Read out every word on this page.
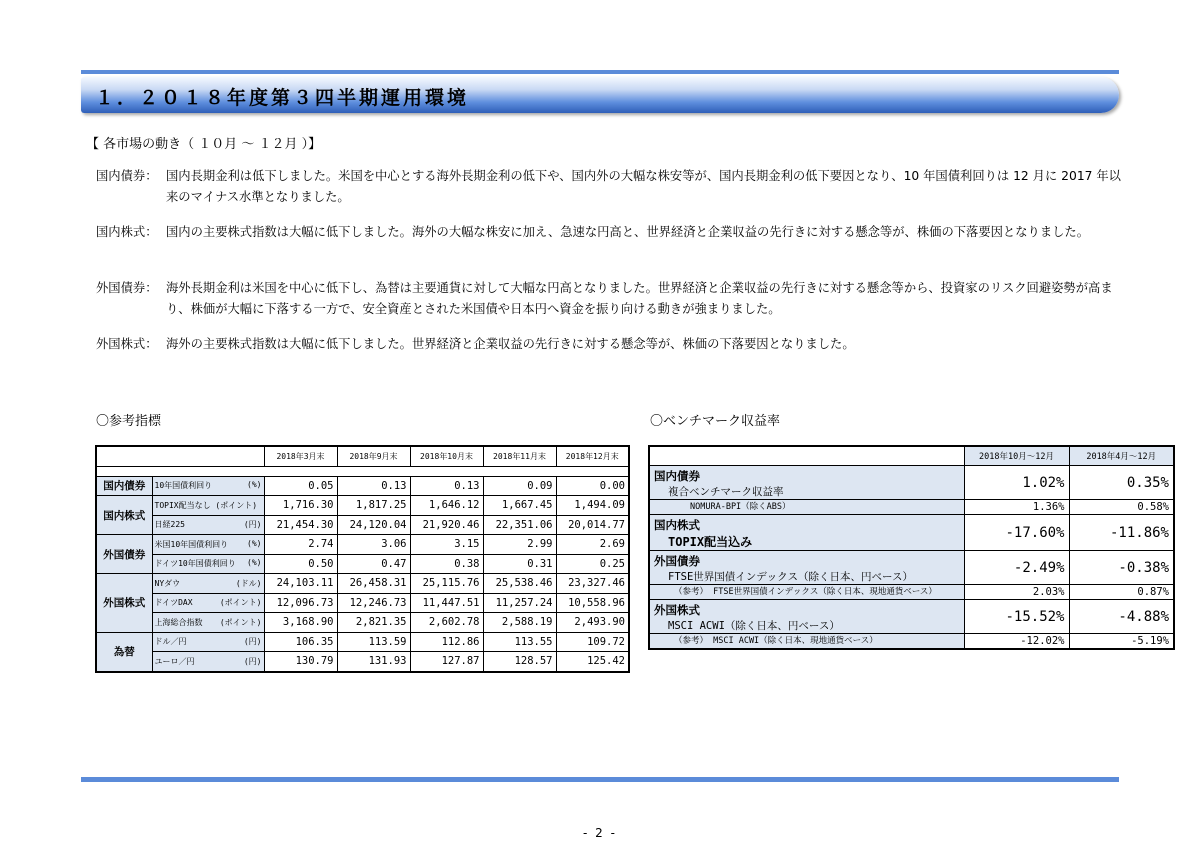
１．２０１８年度第３四半期運用環境
【 各市場の動き（ １０月 ～ １２月 ）】
国内債券： 国内長期金利は低下しました。米国を中心とする海外長期金利の低下や、国内外の大幅な株安等が、国内長期金利の低下要因となり、10 年国債利回りは 12 月に 2017 年以来のマイナス水準となりました。
国内株式： 国内の主要株式指数は大幅に低下しました。海外の大幅な株安に加え、急速な円高と、世界経済と企業収益の先行きに対する懸念等が、株価の下落要因となりました。
外国債券： 海外長期金利は米国を中心に低下し、為替は主要通貨に対して大幅な円高となりました。世界経済と企業収益の先行きに対する懸念等から、投資家のリスク回避姿勢が高まり、株価が大幅に下落する一方で、安全資産とされた米国債や日本円へ資金を振り向ける動きが強まりました。
外国株式： 海外の主要株式指数は大幅に低下しました。世界経済と企業収益の先行きに対する懸念等が、株価の下落要因となりました。
〇参考指標	〇ベンチマーク収益率
		2018年3月末	2018年9月末	2018年10月末	2018年11月末	2018年12月末

国内債券	10年国債利回り (%)	0.05	0.13	0.13	0.09	0.00
国内株式	TOPIX配当なし (ポイント)	1,716.30	1,817.25	1,646.12	1,667.45	1,494.09

	日経225 (円)	21,454.30	24,120.04	21,920.46	22,351.06	20,014.77
外国債券	米国10年国債利回り (%)	2.74	3.06	3.15	2.99	2.69

	ドイツ10年国債利回り (%)	0.50	0.47	0.38	0.31	0.25
外国株式	NYダウ (ドル)	24,103.11	26,458.31	25,115.76	25,538.46	23,327.46

	ドイツDAX (ポイント)	12,096.73	12,246.73	11,447.51	11,257.24	10,558.96

	上海総合指数 (ポイント)	3,168.90	2,821.35	2,602.78	2,588.19	2,493.90
為替	ドル／円 (円)	106.35	113.59	112.86	113.55	109.72

	ユーロ／円 (円)	130.79	131.93	127.87	128.57	125.42
	2018年10月～12月	2018年4月～12月

国内債券
複合ベンチマーク収益率	1.02%	0.35%
NOMURA-BPI（除くABS）	1.36%	0.58%

国内株式
TOPIX配当込み	-17.60%	-11.86%

外国債券
FTSE世界国債インデックス（除く日本、円ベース）	-2.49%	-0.38%
（参考） FTSE世界国債インデックス（除く日本、現地通貨ベース）	2.03%	0.87%

外国株式
MSCI ACWI（除く日本、円ベース）	-15.52%	-4.88%
（参考） MSCI ACWI（除く日本、現地通貨ベース）	-12.02%	-5.19%
- 2 -
